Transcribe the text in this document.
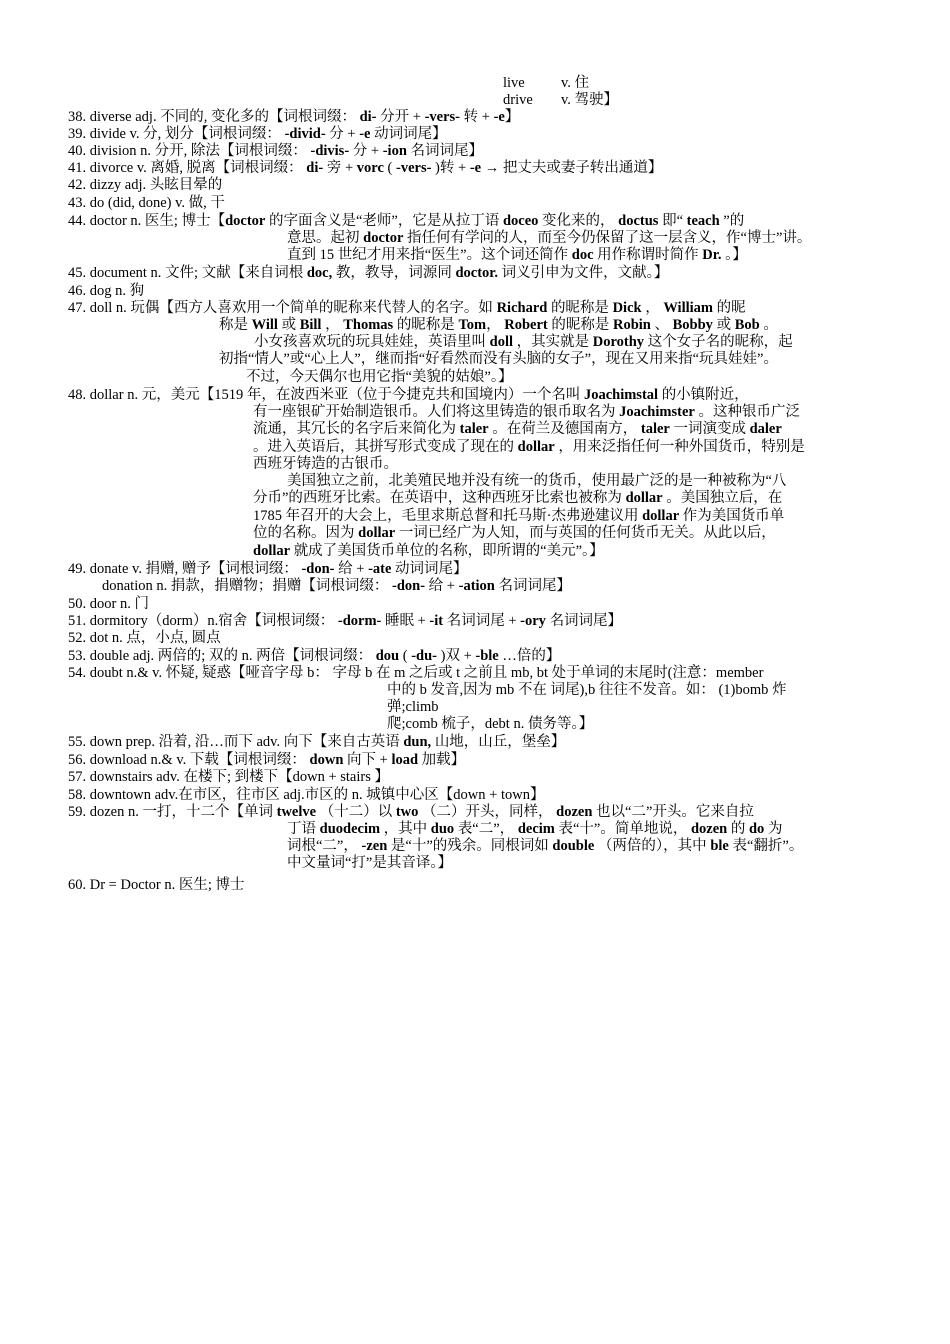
live	v. 住
drive v. 驾驶】
38. diverse adj. 不同的, 变化多的【词根词缀： di- 分开 + -vers- 转 + -e】
39. divide v. 分, 划分【词根词缀： -divid- 分 + -e 动词词尾】
40. division n. 分开, 除法【词根词缀： -divis- 分 + -ion 名词词尾】
41. divorce v. 离婚, 脱离【词根词缀： di- 旁 + vorc ( -vers- )转 + -e → 把丈夫或妻子转出通道】
42. dizzy adj. 头眩目晕的
43. do (did, done) v. 做, 干
44. doctor n. 医生; 博士【doctor 的字面含义是“老师”，它是从拉丁语 doceo 变化来的， doctus 即“ teach ”的
意思。起初 doctor 指任何有学问的人，而至今仍保留了这一层含义，作“博士”讲。
直到 15 世纪才用来指“医生”。这个词还简作 doc 用作称谓时简作 Dr. 。】
45. document n. 文件; 文献【来自词根 doc, 教，教导，词源同 doctor. 词义引申为文件，文献。】
46. dog n. 狗
47. doll n. 玩偶【西方人喜欢用一个简单的昵称来代替人的名字。如 Richard 的昵称是 Dick ， William 的昵
称是 Will 或 Bill ， Thomas 的昵称是 Tom， Robert 的昵称是 Robin 、 Bobby 或 Bob 。
小女孩喜欢玩的玩具娃娃，英语里叫 doll ，其实就是 Dorothy 这个女子名的昵称，起
初指“情人”或“心上人”，继而指“好看然而没有头脑的女子”，现在又用来指“玩具娃娃”。
不过，今天偶尔也用它指“美貌的姑娘”。】
48. dollar n. 元，美元【1519 年，在波西米亚（位于今捷克共和国境内）一个名叫 Joachimstal 的小镇附近，
有一座银矿开始制造银币。人们将这里铸造的银币取名为 Joachimster 。这种银币广泛
流通，其冗长的名字后来简化为 taler 。在荷兰及德国南方， taler 一词演变成 daler
。进入英语后，其拼写形式变成了现在的 dollar ，用来泛指任何一种外国货币，特别是
西班牙铸造的古银币。
美国独立之前，北美殖民地并没有统一的货币，使用最广泛的是一种被称为“八
分币”的西班牙比索。在英语中，这种西班牙比索也被称为 dollar 。美国独立后，在
1785 年召开的大会上，毛里求斯总督和托马斯·杰弗逊建议用 dollar 作为美国货币单
位的名称。因为 dollar 一词已经广为人知，而与英国的任何货币无关。从此以后，
dollar 就成了美国货币单位的名称，即所谓的“美元”。】
49. donate v. 捐赠, 赠予【词根词缀： -don- 给 + -ate 动词词尾】
donation n. 捐款，捐赠物；捐赠【词根词缀： -don- 给 + -ation 名词词尾】
50. door n. 门
51. dormitory（dorm）n.宿舍【词根词缀： -dorm- 睡眠 + -it 名词词尾 + -ory 名词词尾】
52. dot n. 点，小点, 圆点
53. double adj. 两倍的; 双的 n. 两倍【词根词缀： dou ( -du- )双 + -ble …倍的】
54. doubt n.& v. 怀疑, 疑惑【哑音字母 b： 字母 b 在 m 之后或 t 之前且 mb, bt 处于单词的末尾时(注意：member
中的 b 发音,因为 mb 不在 词尾),b 往往不发音。如： (1)bomb 炸
弹;climb
爬;comb 梳子，debt n. 债务等。】
55. down prep. 沿着, 沿…而下 adv. 向下【来自古英语 dun, 山地，山丘，堡垒】
56. download n.& v. 下载【词根词缀： down 向下 + load 加载】
57. downstairs adv. 在楼下; 到楼下【down + stairs 】
58. downtown adv.在市区，往市区 adj.市区的 n. 城镇中心区【down + town】
59. dozen n. 一打，十二个【单词 twelve （十二）以 two （二）开头，同样， dozen 也以“二”开头。它来自拉
丁语 duodecim ，其中 duo 表“二”， decim 表“十”。简单地说， dozen 的 do 为
词根“二”， -zen 是“十”的残余。同根词如 double （两倍的），其中 ble 表“翻折”。
中文量词“打”是其音译。】
60. Dr = Doctor n. 医生; 博士
